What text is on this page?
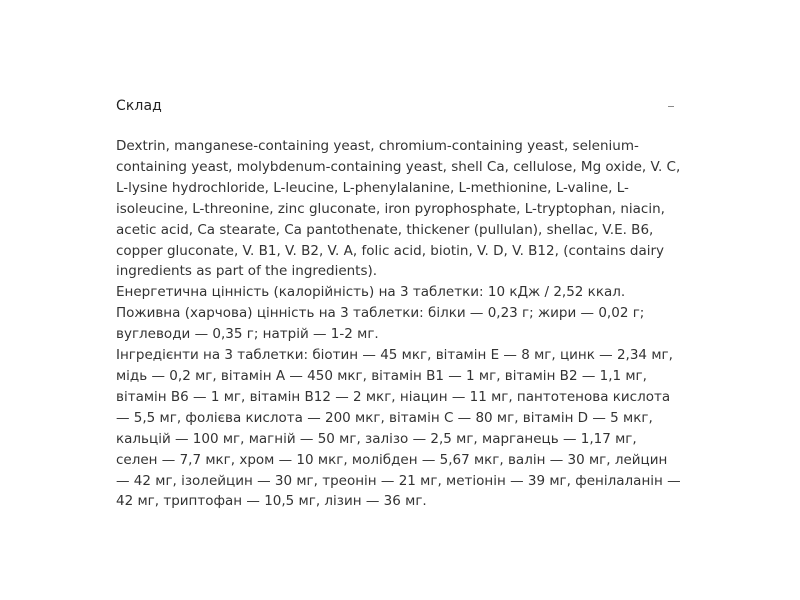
Склад

Dextrin, manganese-containing yeast, chromium-containing yeast, selenium-containing yeast, molybdenum-containing yeast, shell Ca, cellulose, Mg oxide, V. C, L-lysine hydrochloride, L-leucine, L-phenylalanine, L-methionine, L-valine, L-isoleucine, L-threonine, zinc gluconate, iron pyrophosphate, L-tryptophan, niacin, acetic acid, Ca stearate, Ca pantothenate, thickener (pullulan), shellac, V.E. B6, copper gluconate, V. B1, V. B2, V. A, folic acid, biotin, V. D, V. B12, (contains dairy ingredients as part of the ingredients).

Енергетична цінність (калорійність) на 3 таблетки: 10 кДж / 2,52 ккал.

Поживна (харчова) цінність на 3 таблетки: білки — 0,23 г; жири — 0,02 г; вуглеводи — 0,35 г; натрій — 1-2 мг.

Інгредієнти на 3 таблетки: біотин — 45 мкг, вітамін Е — 8 мг, цинк — 2,34 мг, мідь — 0,2 мг, вітамін А — 450 мкг, вітамін В1 — 1 мг, вітамін В2 — 1,1 мг, вітамін В6 — 1 мг, вітамін В12 — 2 мкг, ніацин — 11 мг, пантотенова кислота — 5,5 мг, фолієва кислота — 200 мкг, вітамін С — 80 мг, вітамін D — 5 мкг, кальцій — 100 мг, магній — 50 мг, залізо — 2,5 мг, марганець — 1,17 мг, селен — 7,7 мкг, хром — 10 мкг, молібден — 5,67 мкг, валін — 30 мг, лейцин — 42 мг, ізолейцин — 30 мг, треонін — 21 мг, метіонін — 39 мг, фенілаланін — 42 мг, триптофан — 10,5 мг, лізин — 36 мг.
